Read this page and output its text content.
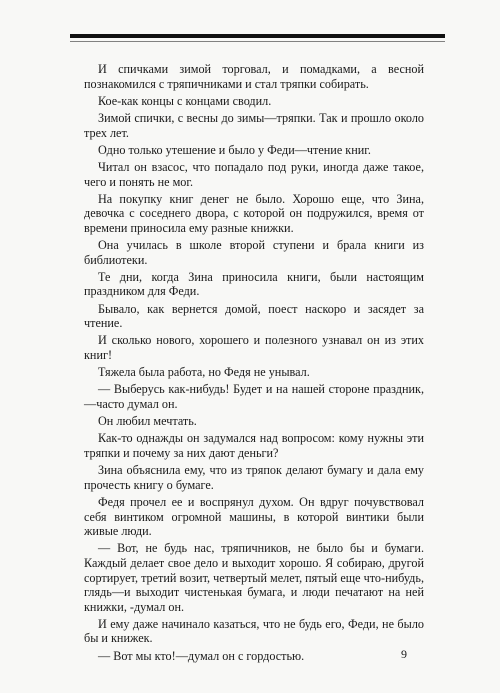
И спичками зимой торговал, и помадками, а весной познакомился с тряпичниками и стал тряпки собирать.

Кое-как концы с концами сводил.

Зимой спички, с весны до зимы—тряпки. Так и прошло около трех лет.

Одно только утешение и было у Феди—чтение книг.

Читал он взасос, что попадало под руки, иногда даже такое, чего и понять не мог.

На покупку книг денег не было. Хорошо еще, что Зина, девочка с соседнего двора, с которой он подружился, время от времени приносила ему разные книжки.

Она училась в школе второй ступени и брала книги из библиотеки.

Те дни, когда Зина приносила книги, были настоящим праздником для Феди.

Бывало, как вернется домой, поест наскоро и засядет за чтение.

И сколько нового, хорошего и полезного узнавал он из этих книг!

Тяжела была работа, но Федя не унывал.

— Выберусь как-нибудь! Будет и на нашей стороне праздник,—часто думал он.

Он любил мечтать.

Как-то однажды он задумался над вопросом: кому нужны эти тряпки и почему за них дают деньги?

Зина объяснила ему, что из тряпок делают бумагу и дала ему прочесть книгу о бумаге.

Федя прочел ее и воспрянул духом. Он вдруг почувствовал себя винтиком огромной машины, в которой винтики были живые люди.

— Вот, не будь нас, тряпичников, не было бы и бумаги. Каждый делает свое дело и выходит хорошо. Я собираю, другой сортирует, третий возит, четвертый мелет, пятый еще что-нибудь, глядь—и выходит чистенькая бумага, и люди печатают на ней книжки, -думал он.

И ему даже начинало казаться, что не будь его, Феди, не было бы и книжек.

— Вот мы кто!—думал он с гордостью.	9
